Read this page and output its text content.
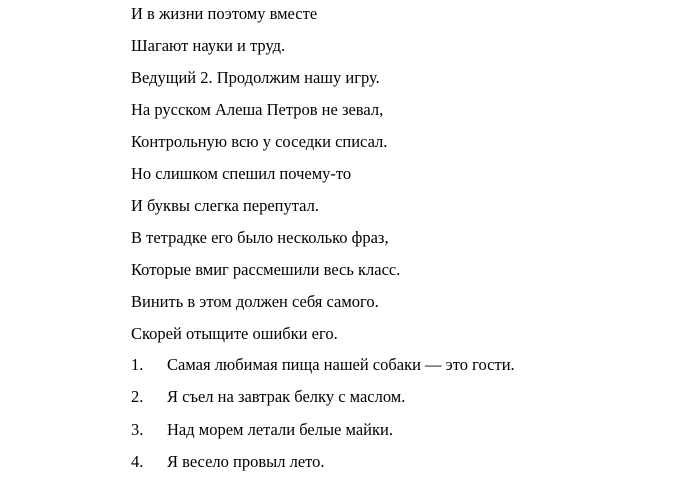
И в жизни поэтому вместе
Шагают науки и труд.
Ведущий 2. Продолжим нашу игру.
На русском Алеша Петров не зевал,
Контрольную всю у соседки списал.
Но слишком спешил почему-то
И буквы слегка перепутал.
В тетрадке его было несколько фраз,
Которые вмиг рассмешили весь класс.
Винить в этом должен себя самого.
Скорей отыщите ошибки его.
1. Самая любимая пища нашей собаки — это гости.
2. Я съел на завтрак белку с маслом.
3. Над морем летали белые майки.
4. Я весело провыл лето.
